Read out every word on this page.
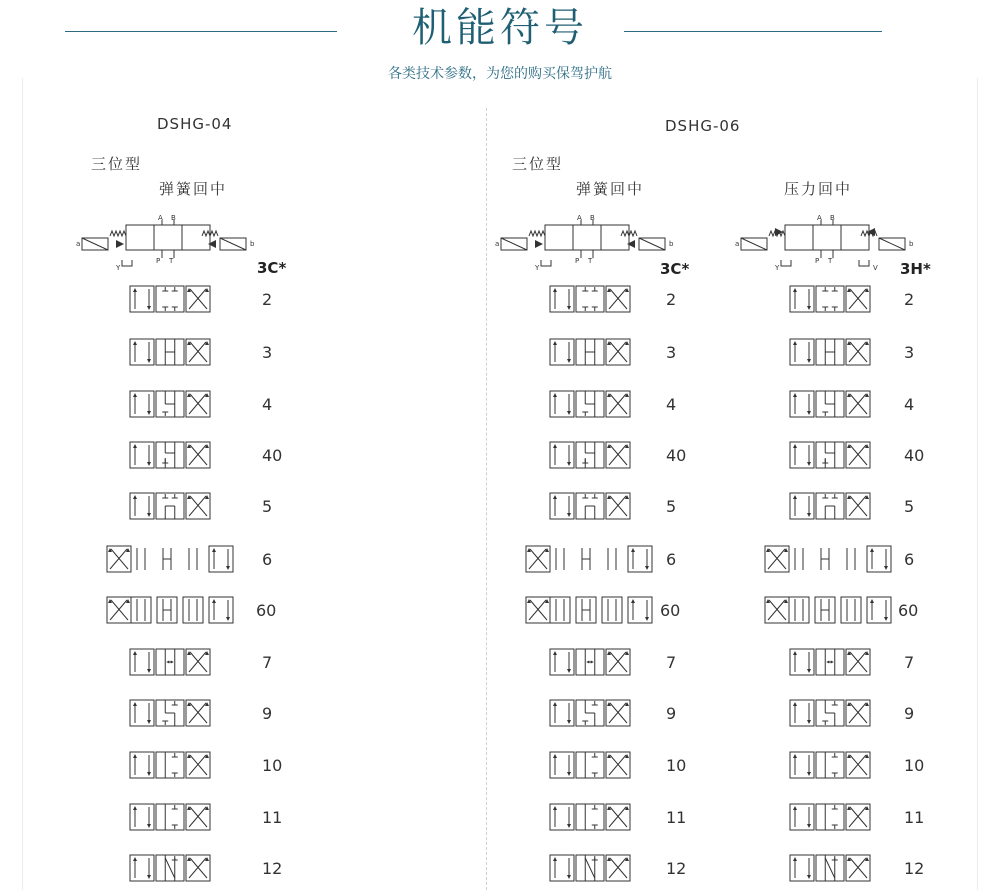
机能符号
各类技术参数，为您的购买保驾护航
DSHG-04
三位型
弹簧回中
3C*
DSHG-06
三位型
弹簧回中	压力回中
3C*	3H*
a	b
A B
P T
Y
a	b
A B
P T
Y
a	b
A B
P T
Y	V
2
3
4
40
5
6
60
7
9
10
11
12
2
3
4
40
5
6
60
7
9
10
11
12
2
3
4
40
5
6
60
7
9
10
11
12
